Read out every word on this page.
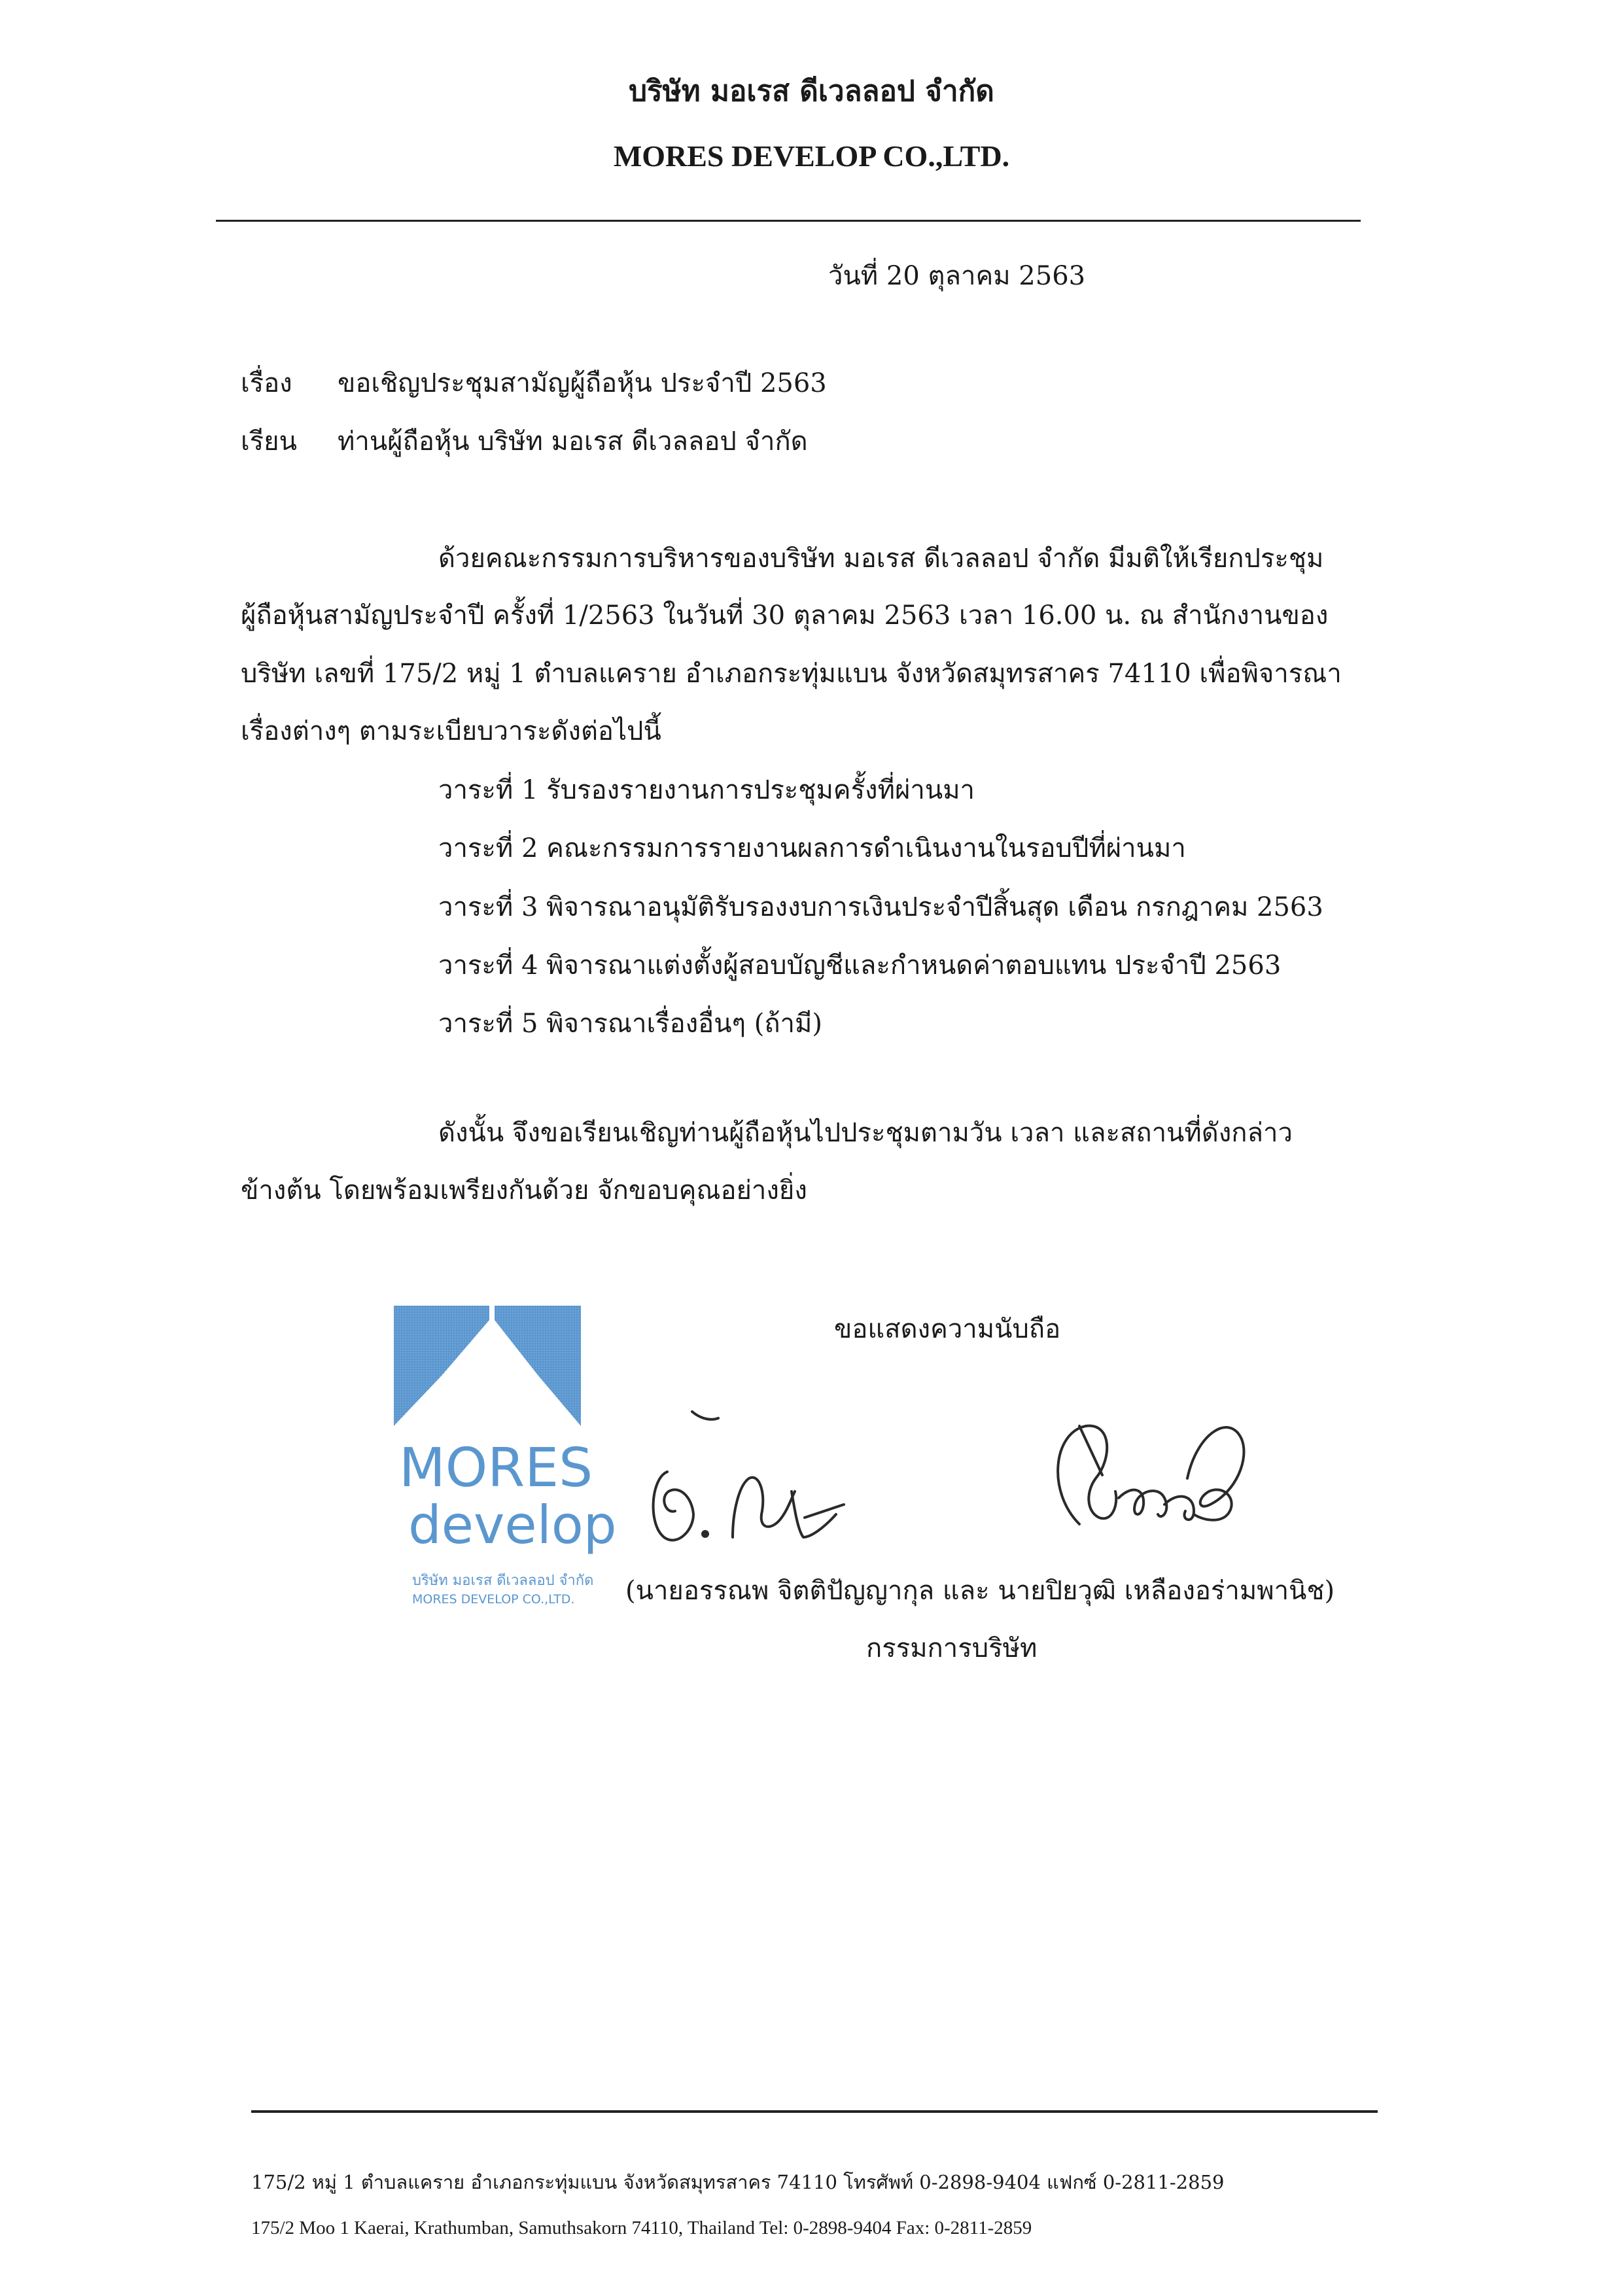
บริษัท มอเรส ดีเวลลอป จำกัด
MORES DEVELOP CO.,LTD.
วันที่ 20 ตุลาคม 2563
เรื่อง ขอเชิญประชุมสามัญผู้ถือหุ้น ประจำปี 2563
เรียน ท่านผู้ถือหุ้น บริษัท มอเรส ดีเวลลอป จำกัด
ด้วยคณะกรรมการบริหารของบริษัท มอเรส ดีเวลลอป จำกัด มีมติให้เรียกประชุม
ผู้ถือหุ้นสามัญประจำปี ครั้งที่ 1/2563 ในวันที่ 30 ตุลาคม 2563 เวลา 16.00 น. ณ สำนักงานของ
บริษัท เลขที่ 175/2 หมู่ 1 ตำบลแคราย อำเภอกระทุ่มแบน จังหวัดสมุทรสาคร 74110 เพื่อพิจารณา
เรื่องต่างๆ ตามระเบียบวาระดังต่อไปนี้
วาระที่ 1 รับรองรายงานการประชุมครั้งที่ผ่านมา
วาระที่ 2 คณะกรรมการรายงานผลการดำเนินงานในรอบปีที่ผ่านมา
วาระที่ 3 พิจารณาอนุมัติรับรองงบการเงินประจำปีสิ้นสุด เดือน กรกฎาคม 2563
วาระที่ 4 พิจารณาแต่งตั้งผู้สอบบัญชีและกำหนดค่าตอบแทน ประจำปี 2563
วาระที่ 5 พิจารณาเรื่องอื่นๆ (ถ้ามี)
ดังนั้น จึงขอเรียนเชิญท่านผู้ถือหุ้นไปประชุมตามวัน เวลา และสถานที่ดังกล่าว
ข้างต้น โดยพร้อมเพรียงกันด้วย จักขอบคุณอย่างยิ่ง
ขอแสดงความนับถือ
MORES
develop
บริษัท มอเรส ดีเวลลอป จำกัด
MORES DEVELOP CO.,LTD. (นายอรรณพ จิตติปัญญากุล และ นายปิยวุฒิ เหลืองอร่ามพานิช)
กรรมการบริษัท
175/2 หมู่ 1 ตำบลแคราย อำเภอกระทุ่มแบน จังหวัดสมุทรสาคร 74110 โทรศัพท์ 0-2898-9404 แฟกซ์ 0-2811-2859
175/2 Moo 1 Kaerai, Krathumban, Samuthsakorn 74110, Thailand Tel: 0-2898-9404 Fax: 0-2811-2859
